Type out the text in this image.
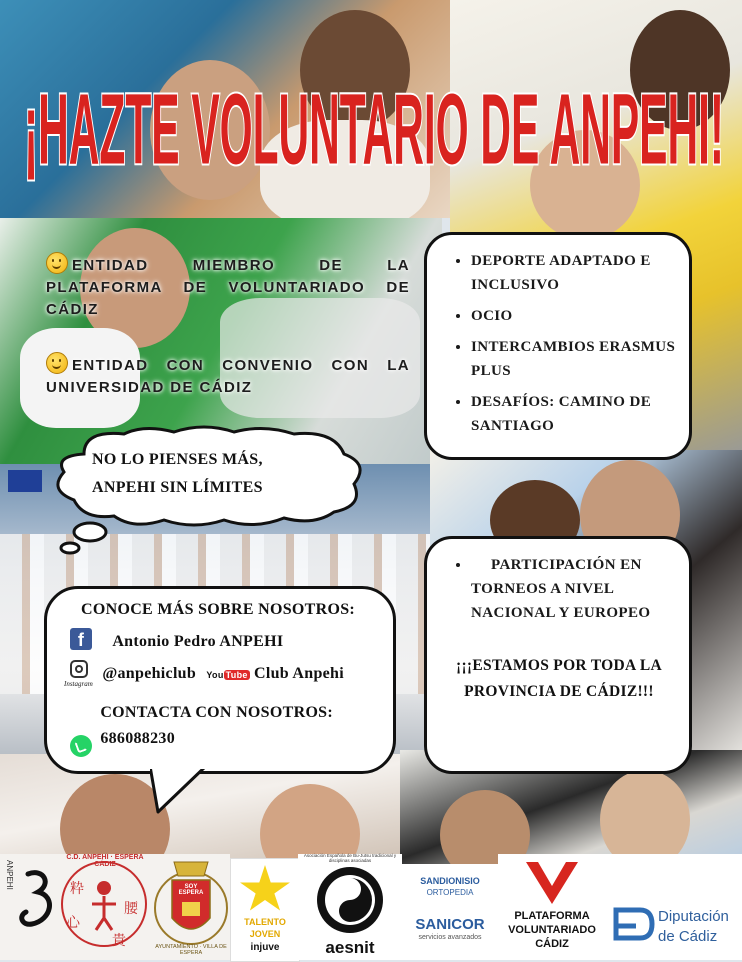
¡HAZTE VOLUNTARIO DE ANPEHI!
ENTIDAD MIEMBRO DE LA PLATAFORMA DE VOLUNTARIADO DE CÁDIZ
ENTIDAD CON CONVENIO CON LA UNIVERSIDAD DE CÁDIZ
• DEPORTE ADAPTADO E INCLUSIVO
• OCIO
• INTERCAMBIOS ERASMUS PLUS
• DESAFÍOS: CAMINO DE SANTIAGO
NO LO PIENSES MÁS,
ANPEHI SIN LÍMITES
• PARTICIPACIÓN EN TORNEOS A NIVEL NACIONAL Y EUROPEO
¡¡¡ESTAMOS POR TODA LA PROVINCIA DE CÁDIZ!!!
CONOCE MÁS SOBRE NOSOTROS:
f Antonio Pedro ANPEHI
@anpehiclub You Tube Club Anpehi
Instagram

CONTACTA CON NOSOTROS:
686088230
ANPEHI
C.D. ANPEHI · ESPERA CÁDIZ
粋
心
腰
貴
SOY ESPERA
AYUNTAMIENTO · VILLA DE ESPERA
TALENTO
JOVEN
injuve
Asociación Española de Bu-Jutsu tradicional y disciplinas asociadas
aesnit
SANDIONISIO
ORTOPEDIA
SANICOR
servicios avanzados
PLATAFORMA
VOLUNTARIADO
CÁDIZ
Diputación
de Cádiz
